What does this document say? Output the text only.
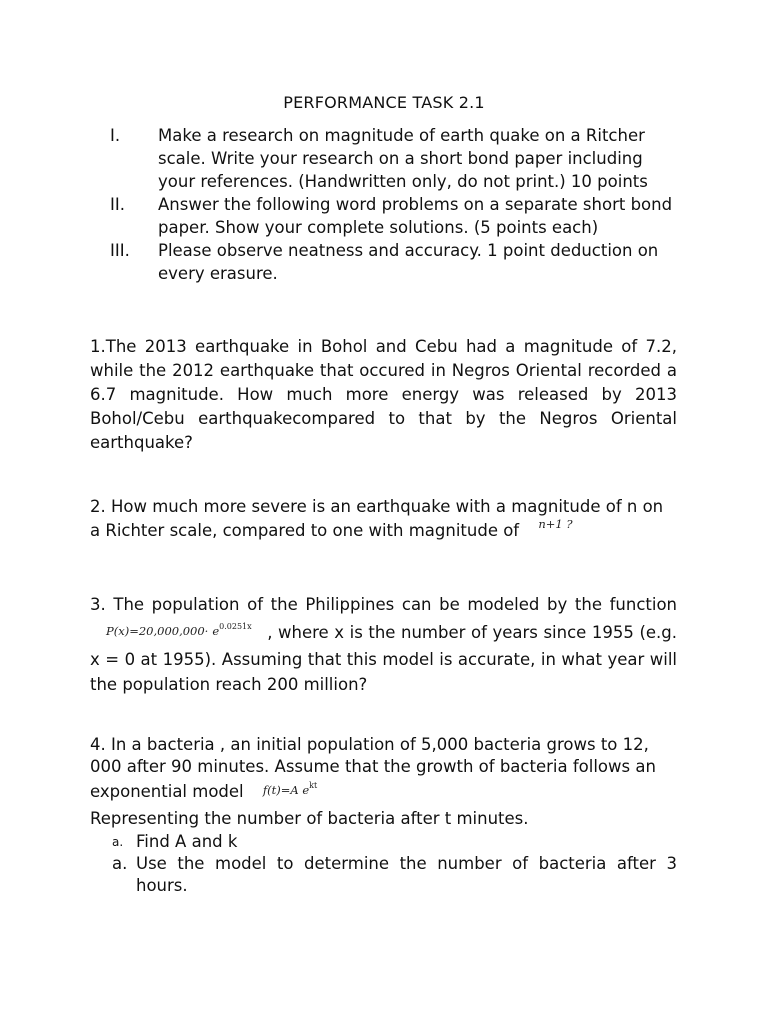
PERFORMANCE TASK 2.1
I.	Make a research on magnitude of earth quake on a Ritcher scale. Write your research on a short bond paper including your references. (Handwritten only, do not print.) 10 points
II.	Answer the following word problems on a separate short bond paper. Show your complete solutions. (5 points each)
III.	Please observe neatness and accuracy. 1 point deduction on every erasure.
1.The 2013 earthquake in Bohol and Cebu had a magnitude of 7.2, while the 2012 earthquake that occured in Negros Oriental recorded a 6.7 magnitude. How much more energy was released by 2013 Bohol/Cebu earthquakecompared to that by the Negros Oriental earthquake?
2. How much more severe is an earthquake with a magnitude of n on a Richter scale, compared to one with magnitude of $^{n+1 ?}$
3. The population of the Philippines can be modeled by the function $P(x)=20,000,000\cdot e^{0.0251x}$ , where x is the number of years since 1955 (e.g. x = 0 at 1955). Assuming that this model is accurate, in what year will the population reach 200 million?
4. In a bacteria , an initial population of 5,000 bacteria grows to 12, 000 after 90 minutes. Assume that the growth of bacteria follows an exponential model f(t)=A $e^{kt}$
Representing the number of bacteria after t minutes.
a. Find A and k
a. Use the model to determine the number of bacteria after 3 hours.
